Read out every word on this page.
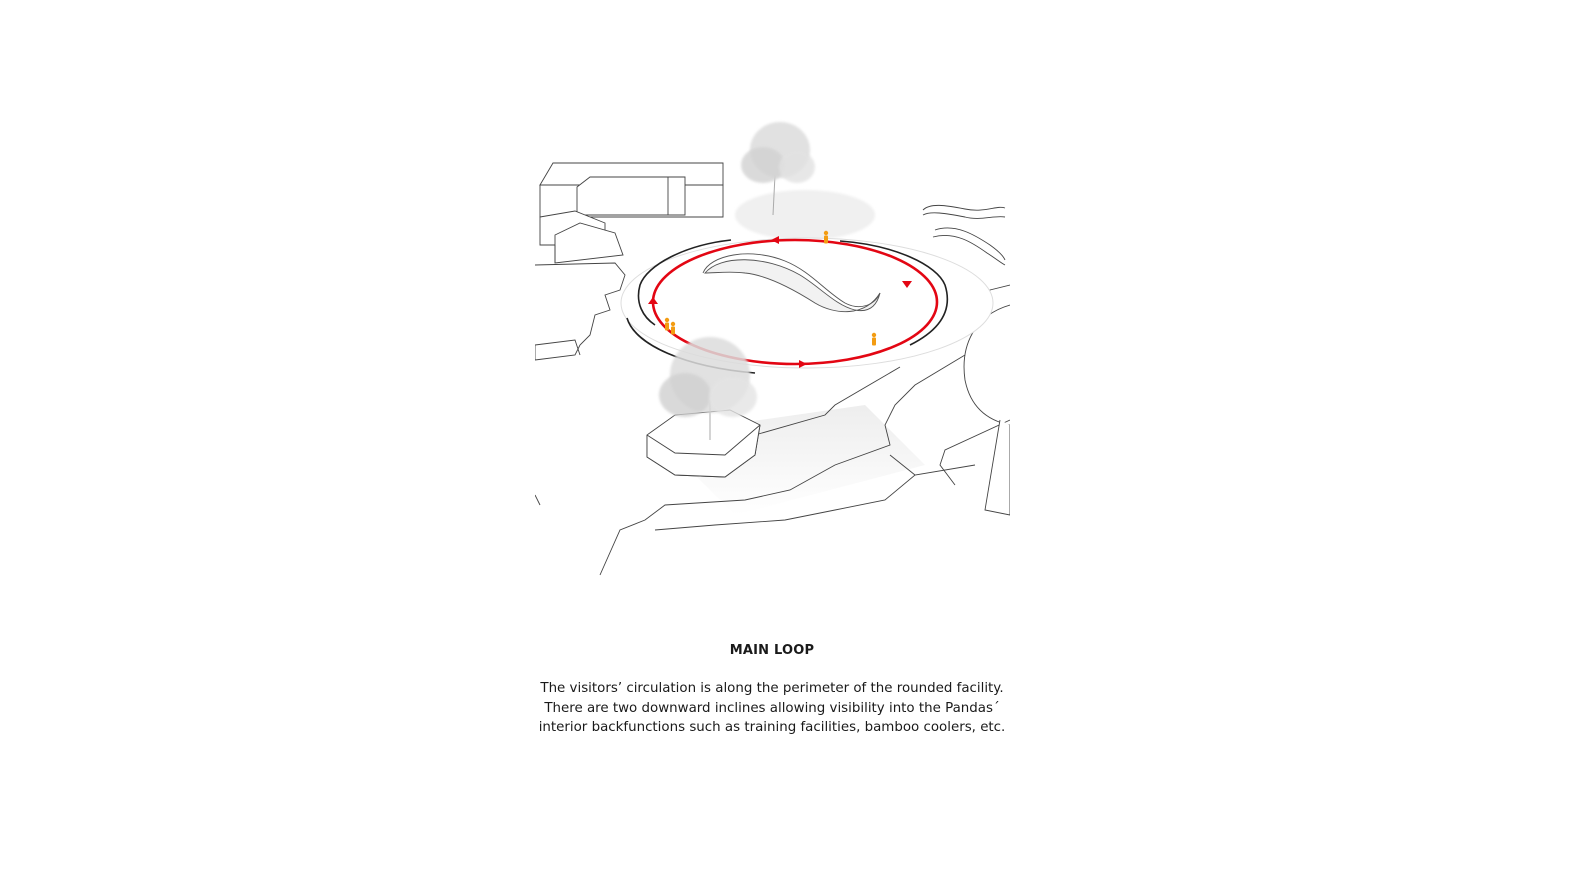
MAIN LOOP

The visitors’ circulation is along the perimeter of the rounded facility.
There are two downward inclines allowing visibility into the Pandas´
interior backfunctions such as training facilities, bamboo coolers, etc.
